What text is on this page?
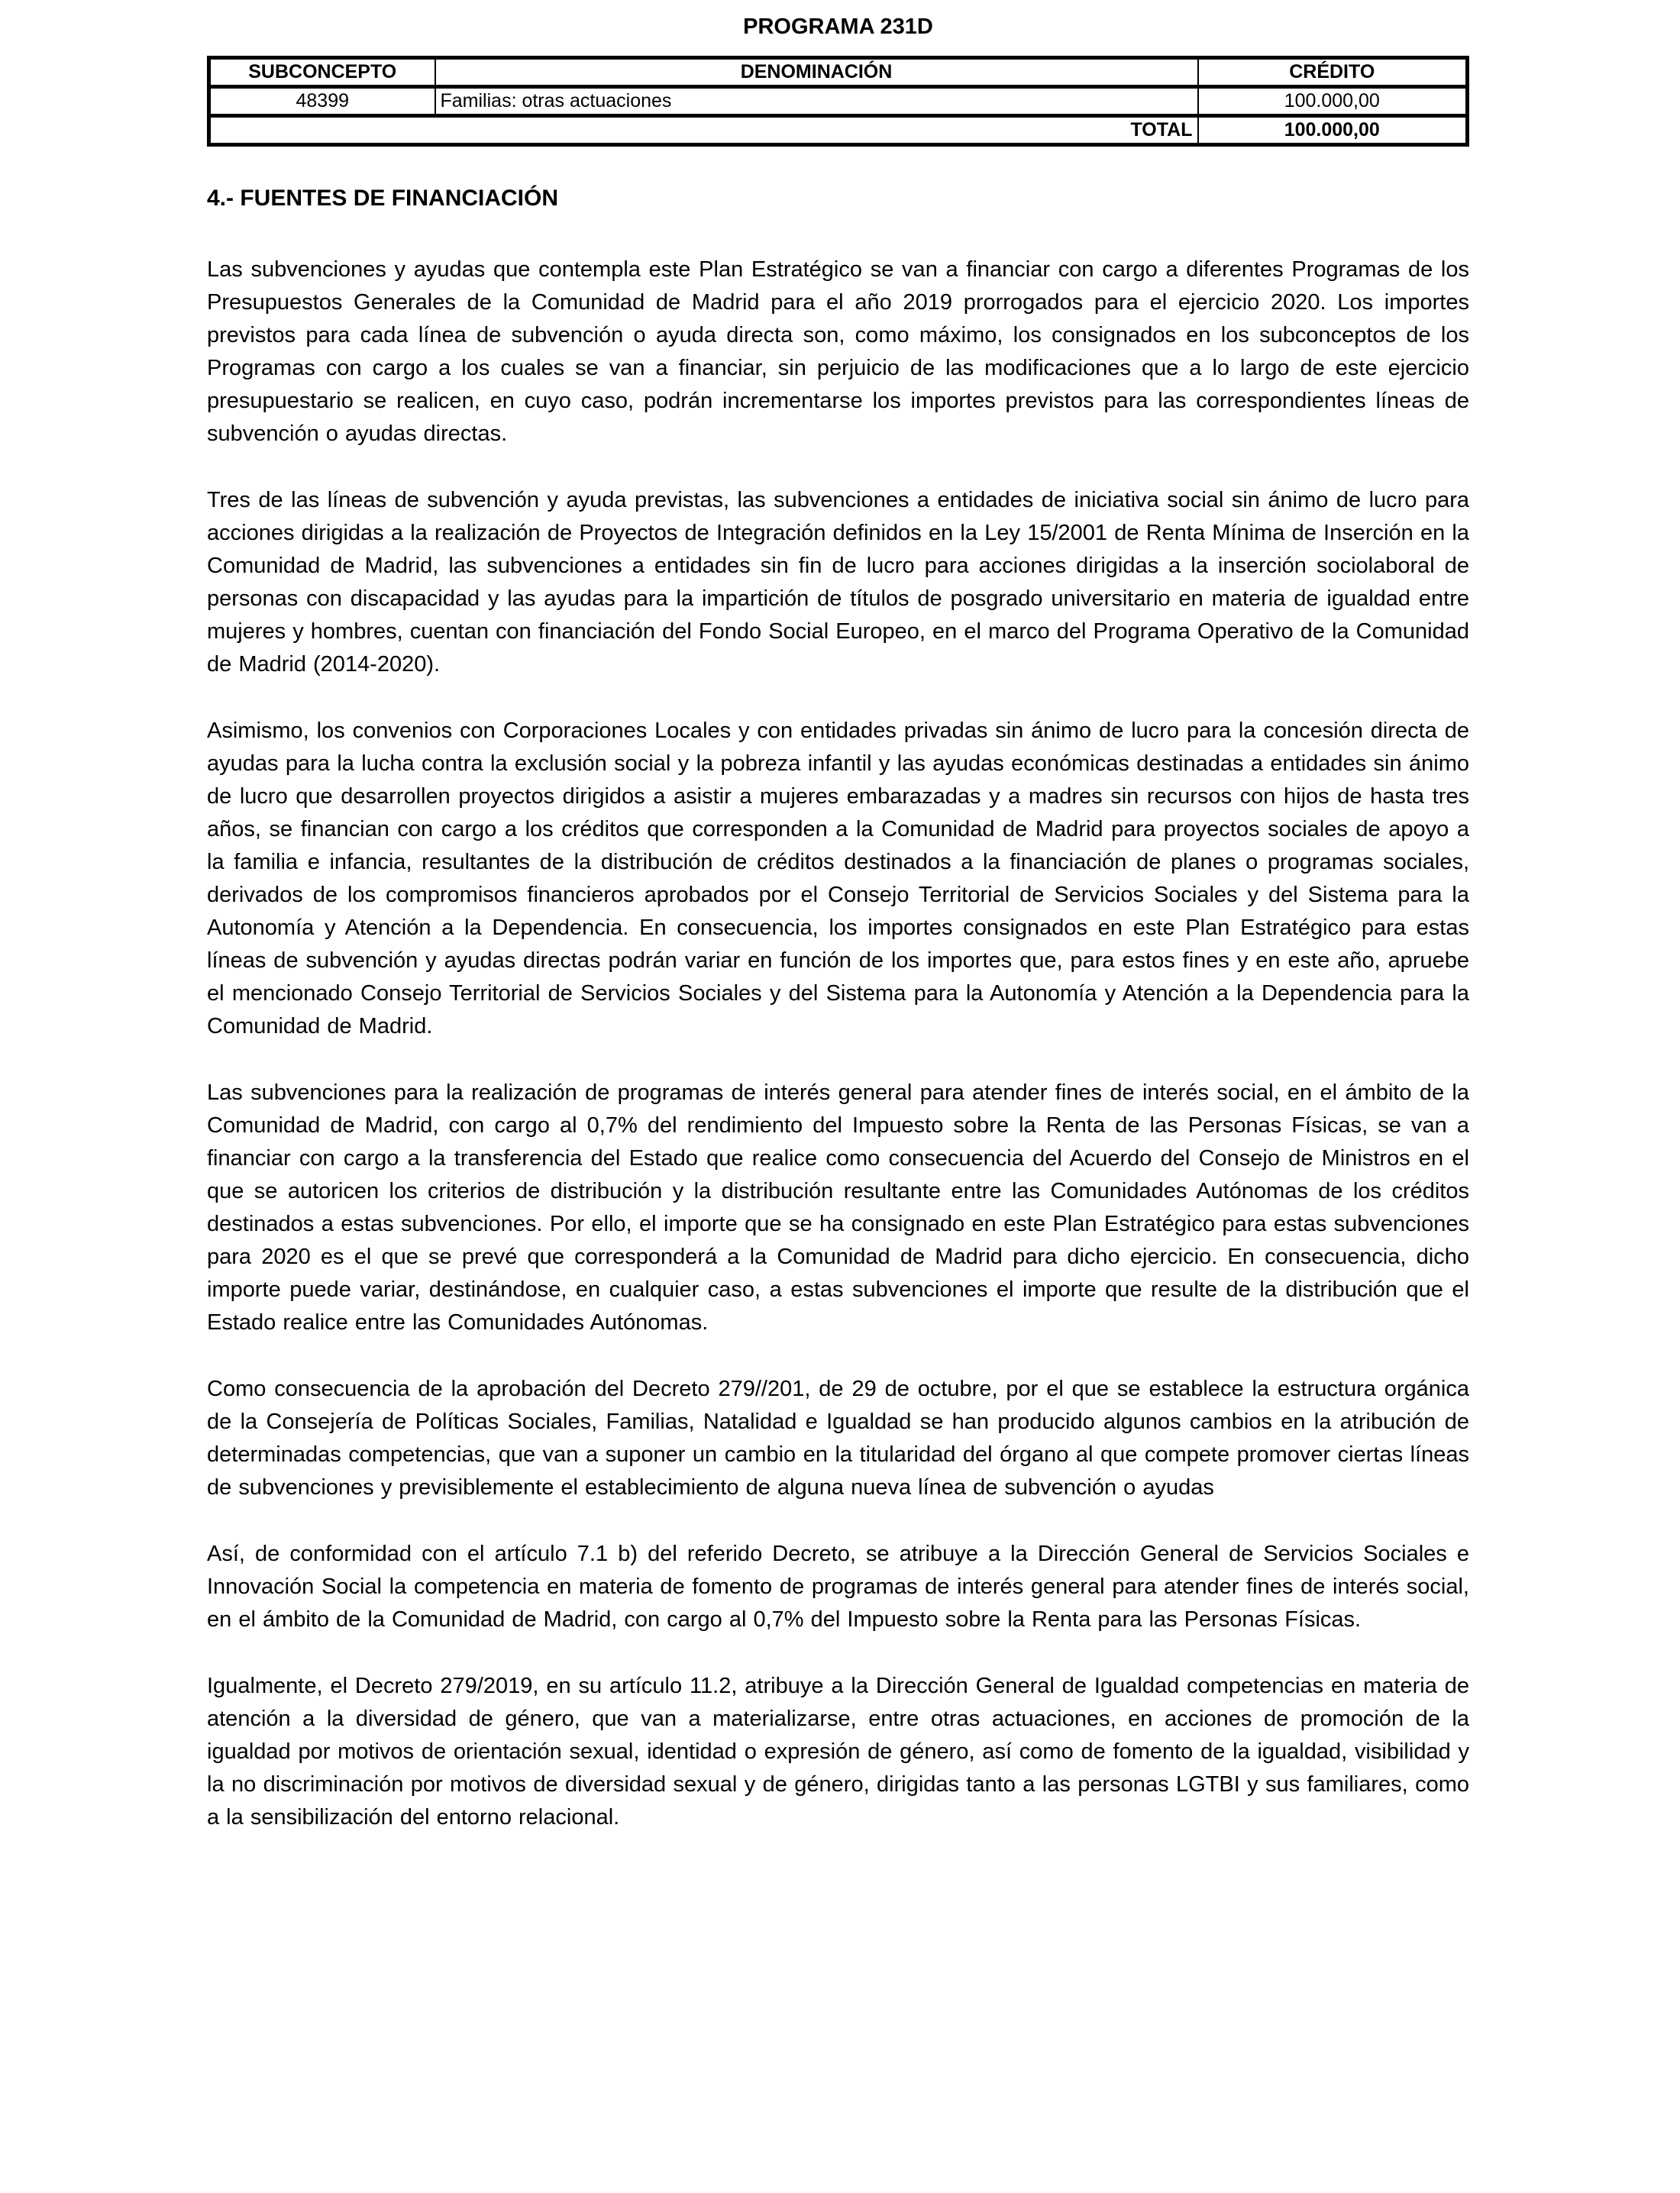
PROGRAMA 231D
SUBCONCEPTO	DENOMINACIÓN	CRÉDITO
48399	Familias: otras actuaciones	100.000,00
TOTAL		100.000,00
4.- FUENTES DE FINANCIACIÓN

Las subvenciones y ayudas que contempla este Plan Estratégico se van a financiar con cargo a diferentes Programas de los Presupuestos Generales de la Comunidad de Madrid para el año 2019 prorrogados para el ejercicio 2020. Los importes previstos para cada línea de subvención o ayuda directa son, como máximo, los consignados en los subconceptos de los Programas con cargo a los cuales se van a financiar, sin perjuicio de las modificaciones que a lo largo de este ejercicio presupuestario se realicen, en cuyo caso, podrán incrementarse los importes previstos para las correspondientes líneas de subvención o ayudas directas.

Tres de las líneas de subvención y ayuda previstas, las subvenciones a entidades de iniciativa social sin ánimo de lucro para acciones dirigidas a la realización de Proyectos de Integración definidos en la Ley 15/2001 de Renta Mínima de Inserción en la Comunidad de Madrid, las subvenciones a entidades sin fin de lucro para acciones dirigidas a la inserción sociolaboral de personas con discapacidad y las ayudas para la impartición de títulos de posgrado universitario en materia de igualdad entre mujeres y hombres, cuentan con financiación del Fondo Social Europeo, en el marco del Programa Operativo de la Comunidad de Madrid (2014-2020).

Asimismo, los convenios con Corporaciones Locales y con entidades privadas sin ánimo de lucro para la concesión directa de ayudas para la lucha contra la exclusión social y la pobreza infantil y las ayudas económicas destinadas a entidades sin ánimo de lucro que desarrollen proyectos dirigidos a asistir a mujeres embarazadas y a madres sin recursos con hijos de hasta tres años, se financian con cargo a los créditos que corresponden a la Comunidad de Madrid para proyectos sociales de apoyo a la familia e infancia, resultantes de la distribución de créditos destinados a la financiación de planes o programas sociales, derivados de los compromisos financieros aprobados por el Consejo Territorial de Servicios Sociales y del Sistema para la Autonomía y Atención a la Dependencia. En consecuencia, los importes consignados en este Plan Estratégico para estas líneas de subvención y ayudas directas podrán variar en función de los importes que, para estos fines y en este año, apruebe el mencionado Consejo Territorial de Servicios Sociales y del Sistema para la Autonomía y Atención a la Dependencia para la Comunidad de Madrid.

Las subvenciones para la realización de programas de interés general para atender fines de interés social, en el ámbito de la Comunidad de Madrid, con cargo al 0,7% del rendimiento del Impuesto sobre la Renta de las Personas Físicas, se van a financiar con cargo a la transferencia del Estado que realice como consecuencia del Acuerdo del Consejo de Ministros en el que se autoricen los criterios de distribución y la distribución resultante entre las Comunidades Autónomas de los créditos destinados a estas subvenciones. Por ello, el importe que se ha consignado en este Plan Estratégico para estas subvenciones para 2020 es el que se prevé que corresponderá a la Comunidad de Madrid para dicho ejercicio. En consecuencia, dicho importe puede variar, destinándose, en cualquier caso, a estas subvenciones el importe que resulte de la distribución que el Estado realice entre las Comunidades Autónomas.

Como consecuencia de la aprobación del Decreto 279//201, de 29 de octubre, por el que se establece la estructura orgánica de la Consejería de Políticas Sociales, Familias, Natalidad e Igualdad se han producido algunos cambios en la atribución de determinadas competencias, que van a suponer un cambio en la titularidad del órgano al que compete promover ciertas líneas de subvenciones y previsiblemente el establecimiento de alguna nueva línea de subvención o ayudas

Así, de conformidad con el artículo 7.1 b) del referido Decreto, se atribuye a la Dirección General de Servicios Sociales e Innovación Social la competencia en materia de fomento de programas de interés general para atender fines de interés social, en el ámbito de la Comunidad de Madrid, con cargo al 0,7% del Impuesto sobre la Renta para las Personas Físicas.

Igualmente, el Decreto 279/2019, en su artículo 11.2, atribuye a la Dirección General de Igualdad competencias en materia de atención a la diversidad de género, que van a materializarse, entre otras actuaciones, en acciones de promoción de la igualdad por motivos de orientación sexual, identidad o expresión de género, así como de fomento de la igualdad, visibilidad y la no discriminación por motivos de diversidad sexual y de género, dirigidas tanto a las personas LGTBI y sus familiares, como a la sensibilización del entorno relacional.
